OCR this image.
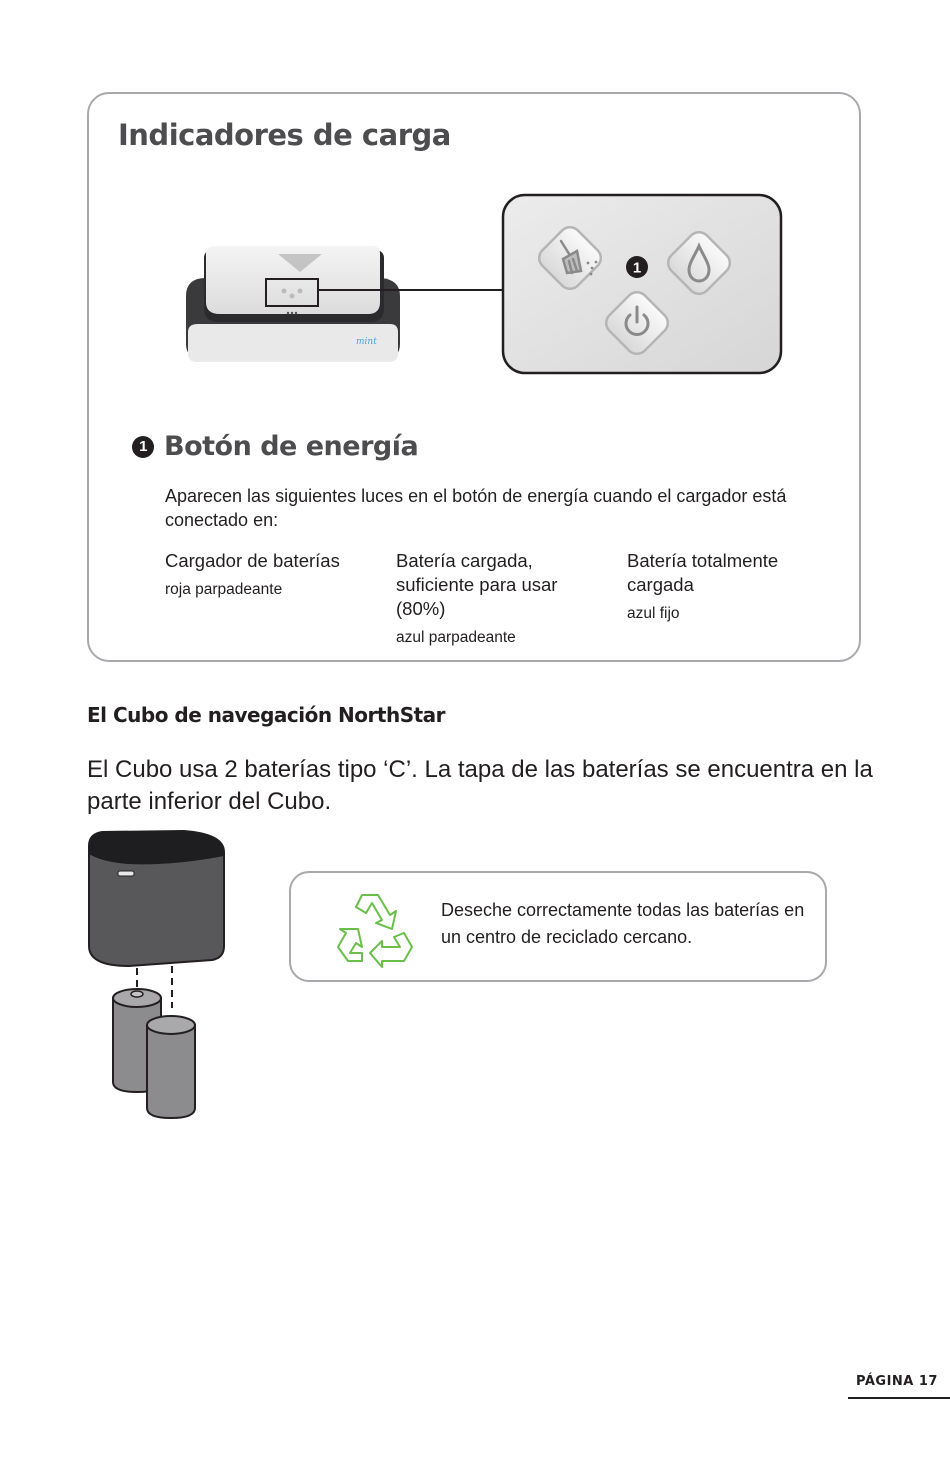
Indicadores de carga
mint
1
1 Botón de energía
Aparecen las siguientes luces en el botón de energía cuando el cargador está conectado en:
Cargador de baterías
roja parpadeante
Batería cargada, suficiente para usar (80%)
azul parpadeante
Batería totalmente cargada
azul fijo
El Cubo de navegación NorthStar
El Cubo usa 2 baterías tipo ‘C’. La tapa de las baterías se encuentra en la parte inferior del Cubo.
Deseche correctamente todas las baterías en un centro de reciclado cercano.
PÁGINA 17
